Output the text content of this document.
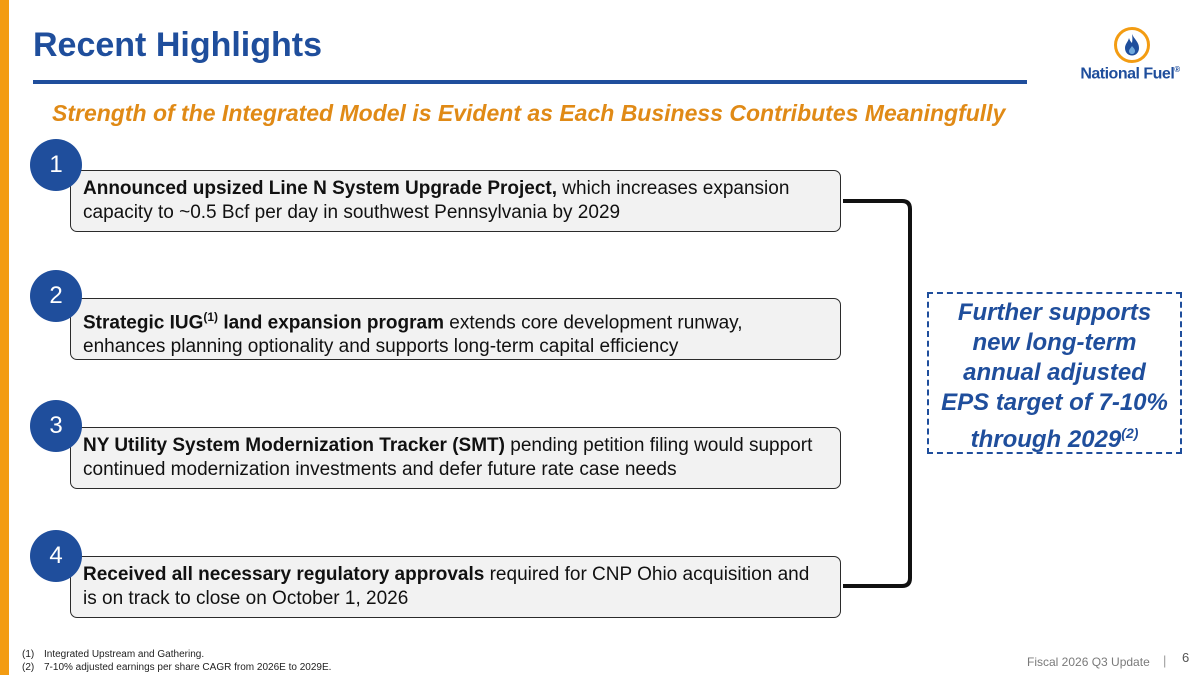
Recent Highlights
National Fuel®
Strength of the Integrated Model is Evident as Each Business Contributes Meaningfully
Announced upsized Line N System Upgrade Project, which increases expansion capacity to ~0.5 Bcf per day in southwest Pennsylvania by 2029
1
Strategic IUG$^{(1)}$ land expansion program extends core development runway, enhances planning optionality and supports long-term capital efficiency
2
NY Utility System Modernization Tracker (SMT) pending petition filing would support continued modernization investments and defer future rate case needs
3
Received all necessary regulatory approvals required for CNP Ohio acquisition and is on track to close on October 1, 2026
4
Further supports
new long-term
annual adjusted
EPS target of 7-10%
through 2029$^{(2)}$
(1) Integrated Upstream and Gathering.
(2) 7-10% adjusted earnings per share CAGR from 2026E to 2029E.	Fiscal 2026 Q3 Update | 6
